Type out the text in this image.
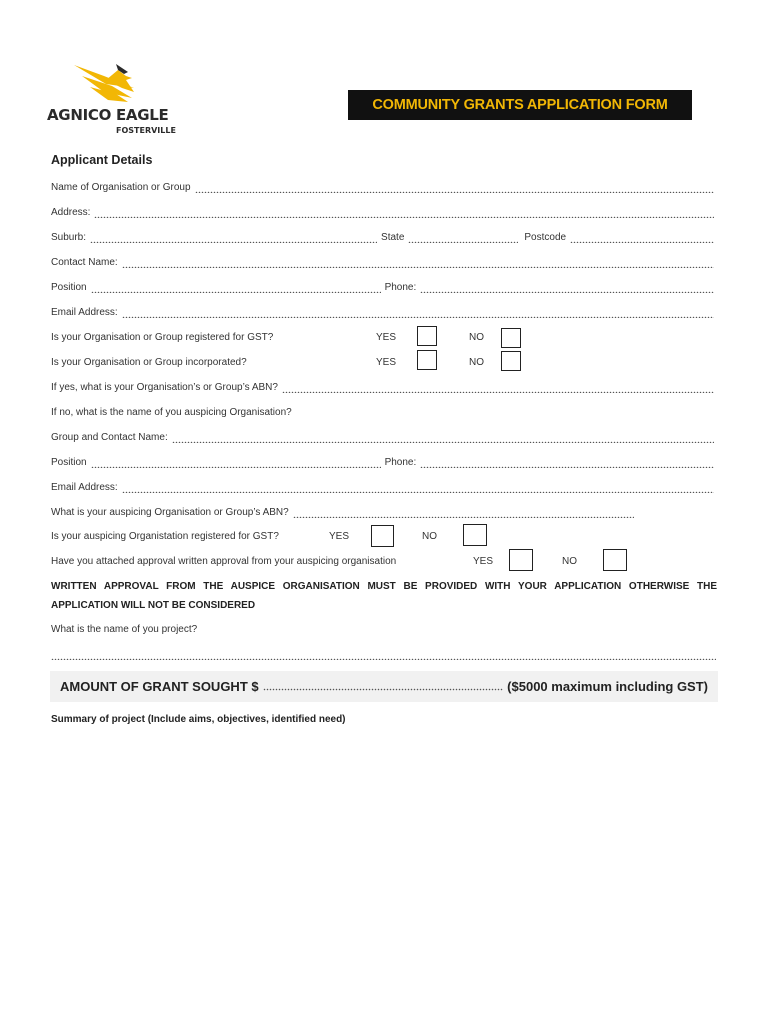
AGNICO EAGLE
FOSTERVILLE
COMMUNITY GRANTS APPLICATION FORM
Applicant Details
Name of Organisation or Group
Address:
Suburb:	State	Postcode
Contact Name:
Position	Phone:
Email Address:
Is your Organisation or Group registered for GST?	YES	NO
Is your Organisation or Group incorporated?	YES	NO
If yes, what is your Organisation’s or Group’s ABN?
If no, what is the name of you auspicing Organisation?
Group and Contact Name:
Position	Phone:
Email Address:
What is your auspicing Organisation or Group’s ABN?
Is your auspicing Organistation registered for GST?	YES	NO
Have you attached approval written approval from your auspicing organisation	YES	NO
WRITTEN APPROVAL FROM THE AUSPICE ORGANISATION MUST BE PROVIDED WITH YOUR APPLICATION OTHERWISE THE APPLICATION WILL NOT BE CONSIDERED
What is the name of you project?
AMOUNT OF GRANT SOUGHT $	($5000 maximum including GST)
Summary of project (Include aims, objectives, identified need)
